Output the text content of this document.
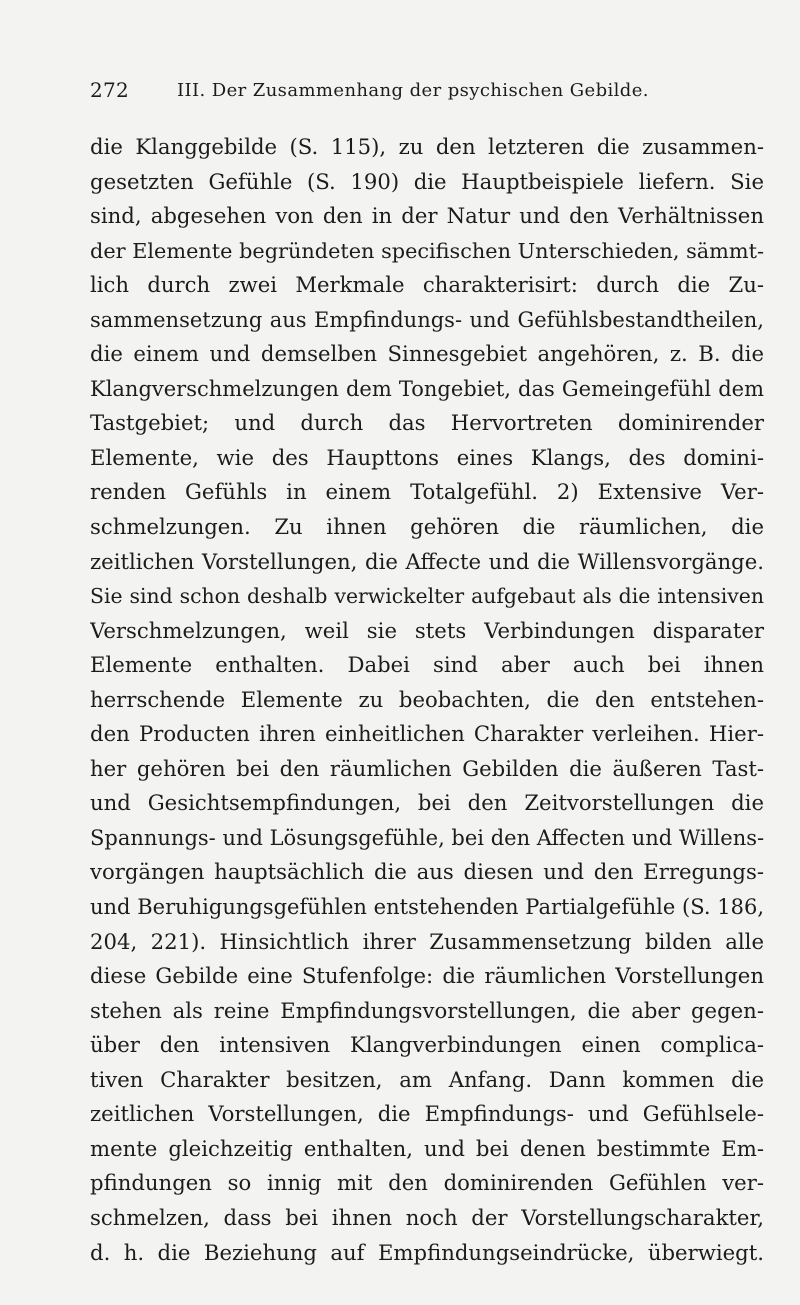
272	III. Der Zusammenhang der psychischen Gebilde.
die Klanggebilde (S. 115), zu den letzteren die zusammen-
gesetzten Gefühle (S. 190) die Hauptbeispiele liefern. Sie
sind, abgesehen von den in der Natur und den Verhältnissen
der Elemente begründeten specifischen Unterschieden, sämmt-
lich durch zwei Merkmale charakterisirt: durch die Zu-
sammensetzung aus Empfindungs- und Gefühlsbestandtheilen,
die einem und demselben Sinnesgebiet angehören, z. B. die
Klangverschmelzungen dem Tongebiet, das Gemeingefühl dem
Tastgebiet; und durch das Hervortreten dominirender
Elemente, wie des Haupttons eines Klangs, des domini-
renden Gefühls in einem Totalgefühl. 2) Extensive Ver-
schmelzungen. Zu ihnen gehören die räumlichen, die
zeitlichen Vorstellungen, die Affecte und die Willensvorgänge.
Sie sind schon deshalb verwickelter aufgebaut als die intensiven
Verschmelzungen, weil sie stets Verbindungen disparater
Elemente enthalten. Dabei sind aber auch bei ihnen
herrschende Elemente zu beobachten, die den entstehen-
den Producten ihren einheitlichen Charakter verleihen. Hier-
her gehören bei den räumlichen Gebilden die äußeren Tast-
und Gesichtsempfindungen, bei den Zeitvorstellungen die
Spannungs- und Lösungsgefühle, bei den Affecten und Willens-
vorgängen hauptsächlich die aus diesen und den Erregungs-
und Beruhigungsgefühlen entstehenden Partialgefühle (S. 186,
204, 221). Hinsichtlich ihrer Zusammensetzung bilden alle
diese Gebilde eine Stufenfolge: die räumlichen Vorstellungen
stehen als reine Empfindungsvorstellungen, die aber gegen-
über den intensiven Klangverbindungen einen complica-
tiven Charakter besitzen, am Anfang. Dann kommen die
zeitlichen Vorstellungen, die Empfindungs- und Gefühlsele-
mente gleichzeitig enthalten, und bei denen bestimmte Em-
pfindungen so innig mit den dominirenden Gefühlen ver-
schmelzen, dass bei ihnen noch der Vorstellungscharakter,
d. h. die Beziehung auf Empfindungseindrücke, überwiegt.
